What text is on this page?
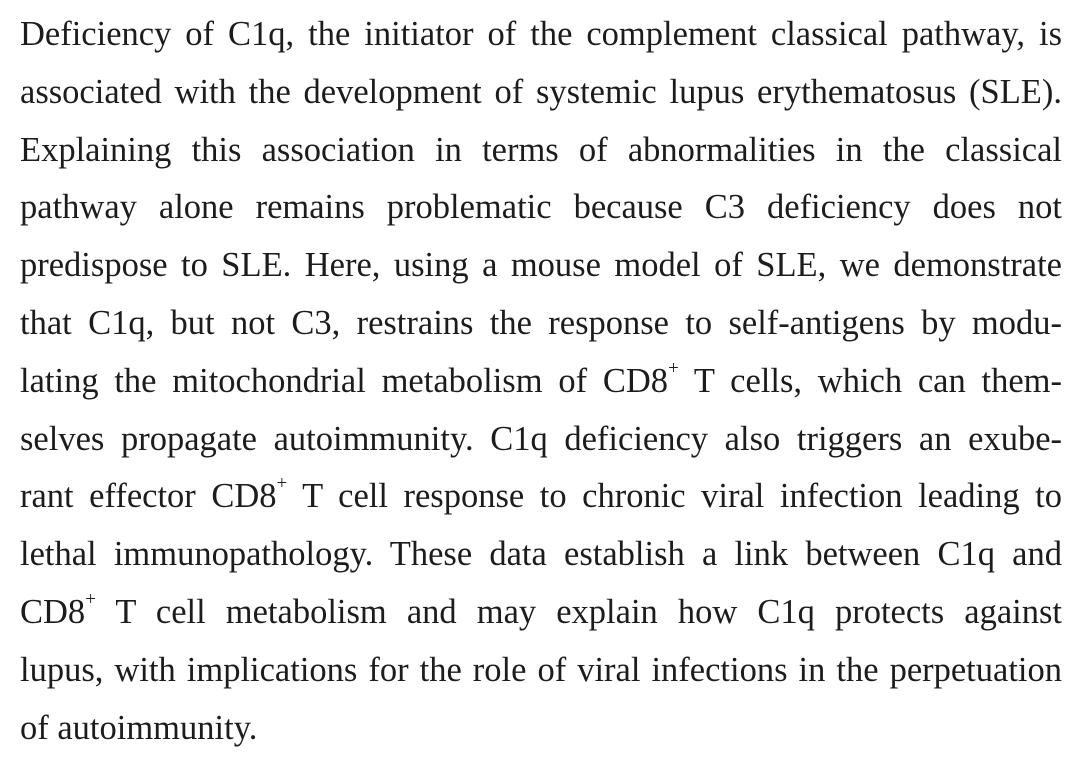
Deficiency of C1q, the initiator of the complement classical pathway, is
associated with the development of systemic lupus erythematosus (SLE).
Explaining this association in terms of abnormalities in the classical
pathway alone remains problematic because C3 deficiency does not
predispose to SLE. Here, using a mouse model of SLE, we demonstrate
that C1q, but not C3, restrains the response to self-antigens by modu-
lating the mitochondrial metabolism of CD8+ T cells, which can them-
selves propagate autoimmunity. C1q deficiency also triggers an exube-
rant effector CD8+ T cell response to chronic viral infection leading to
lethal immunopathology. These data establish a link between C1q and
CD8+ T cell metabolism and may explain how C1q protects against
lupus, with implications for the role of viral infections in the perpetuation
of autoimmunity.
